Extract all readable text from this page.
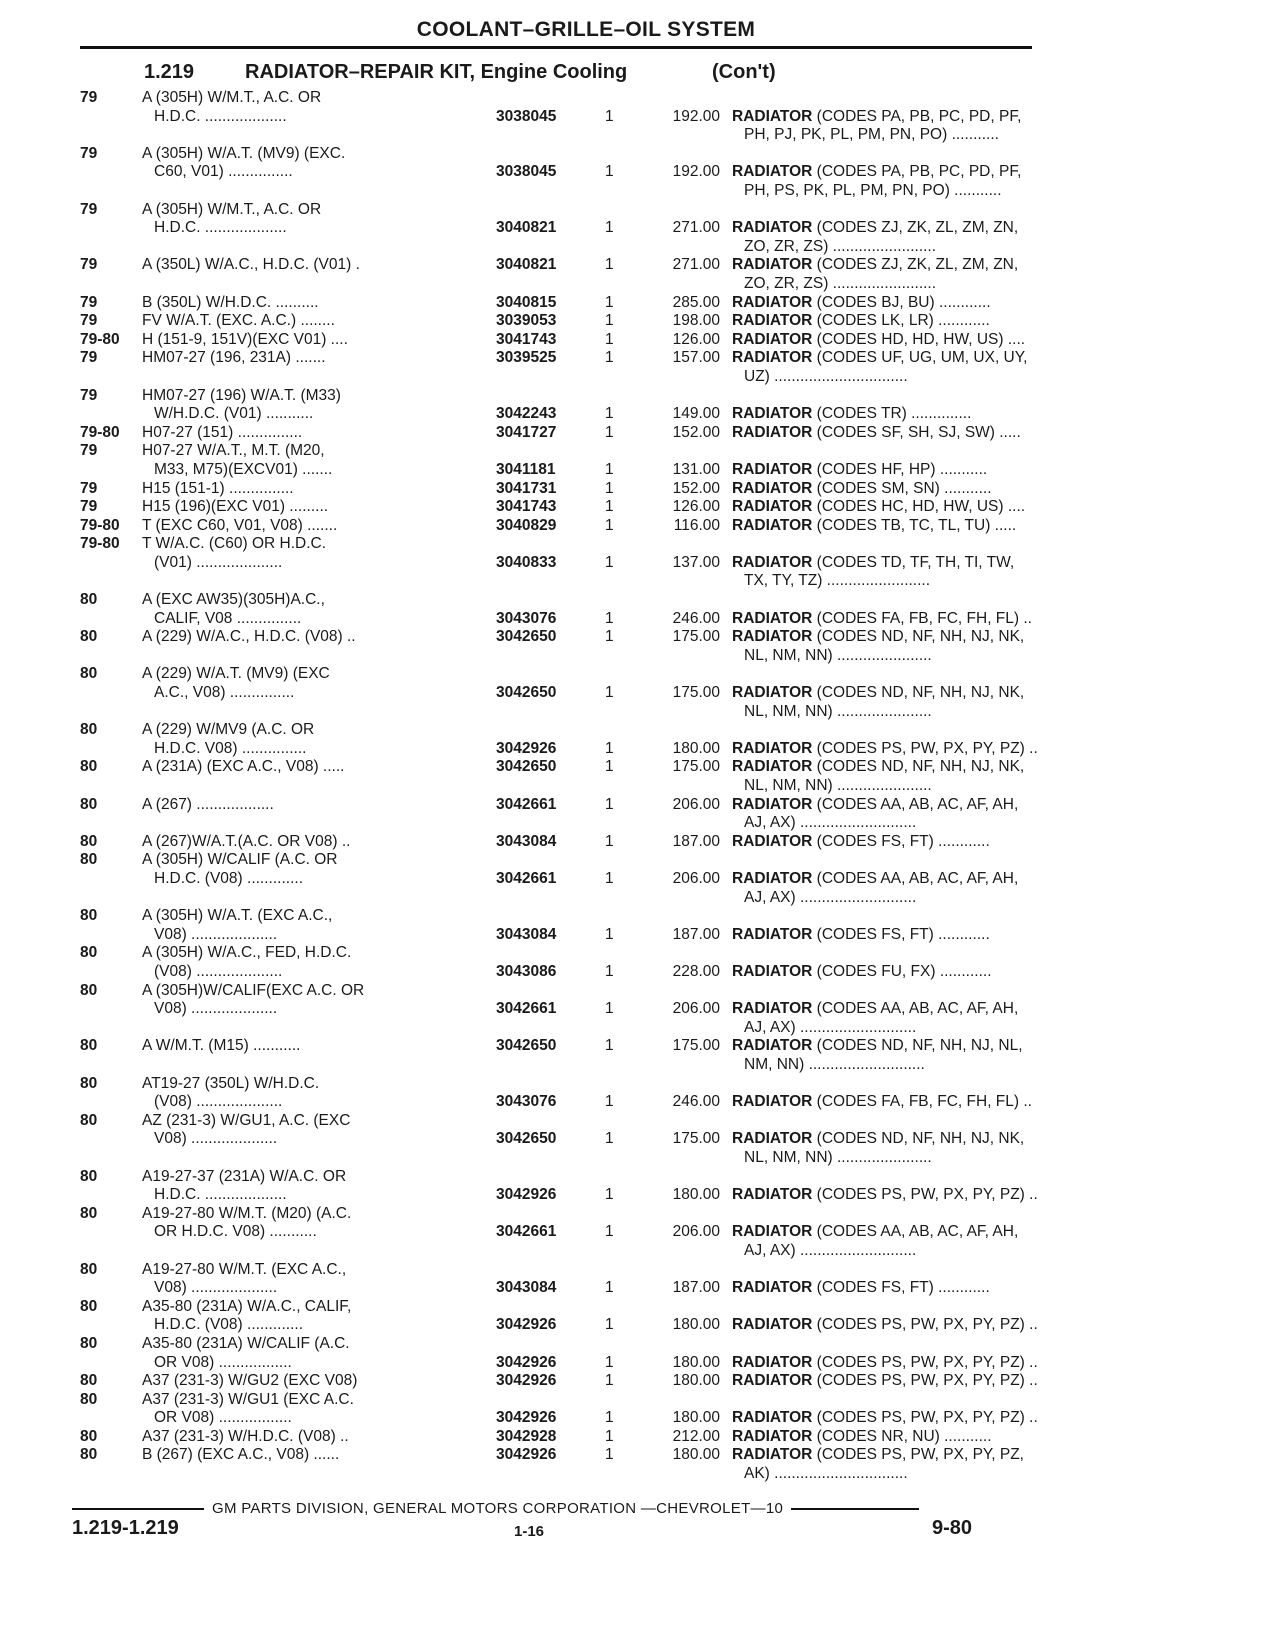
COOLANT–GRILLE–OIL SYSTEM
1.219	RADIATOR–REPAIR KIT, Engine Cooling	(Con't)
79	A (305H) W/M.T., A.C. OR
H.D.C. ...................	3038045	1	192.00 RADIATOR (CODES PA, PB, PC, PD, PF,
PH, PJ, PK, PL, PM, PN, PO) ...........
79	A (305H) W/A.T. (MV9) (EXC.
C60, V01) ...............	3038045	1	192.00 RADIATOR (CODES PA, PB, PC, PD, PF,
PH, PS, PK, PL, PM, PN, PO) ...........
79	A (305H) W/M.T., A.C. OR
H.D.C. ...................	3040821	1	271.00 RADIATOR (CODES ZJ, ZK, ZL, ZM, ZN,
ZO, ZR, ZS) ........................
79	A (350L) W/A.C., H.D.C. (V01) .	3040821	1	271.00 RADIATOR (CODES ZJ, ZK, ZL, ZM, ZN,
ZO, ZR, ZS) ........................
79	B (350L) W/H.D.C. ..........	3040815	1	285.00 RADIATOR (CODES BJ, BU) ............
79	FV W/A.T. (EXC. A.C.) ........	3039053	1	198.00 RADIATOR (CODES LK, LR) ............
79-80	H (151-9, 151V)(EXC V01) ....	3041743	1	126.00 RADIATOR (CODES HD, HD, HW, US) ....
79	HM07-27 (196, 231A) .......	3039525	1	157.00 RADIATOR (CODES UF, UG, UM, UX, UY,
UZ) ...............................
79	HM07-27 (196) W/A.T. (M33)
W/H.D.C. (V01) ...........	3042243	1	149.00 RADIATOR (CODES TR) ..............
79-80	H07-27 (151) ...............	3041727	1	152.00 RADIATOR (CODES SF, SH, SJ, SW) .....
79	H07-27 W/A.T., M.T. (M20,
M33, M75)(EXCV01) .......	3041181	1	131.00 RADIATOR (CODES HF, HP) ...........
79	H15 (151-1) ...............	3041731	1	152.00 RADIATOR (CODES SM, SN) ...........
79	H15 (196)(EXC V01) .........	3041743	1	126.00 RADIATOR (CODES HC, HD, HW, US) ....
79-80	T (EXC C60, V01, V08) .......	3040829	1	116.00 RADIATOR (CODES TB, TC, TL, TU) .....
79-80	T W/A.C. (C60) OR H.D.C.
(V01) ....................	3040833	1	137.00 RADIATOR (CODES TD, TF, TH, TI, TW,
TX, TY, TZ) ........................
80	A (EXC AW35)(305H)A.C.,
CALIF, V08 ...............	3043076	1	246.00 RADIATOR (CODES FA, FB, FC, FH, FL) ..
80	A (229) W/A.C., H.D.C. (V08) ..	3042650	1	175.00 RADIATOR (CODES ND, NF, NH, NJ, NK,
NL, NM, NN) ......................
80	A (229) W/A.T. (MV9) (EXC
A.C., V08) ...............	3042650	1	175.00 RADIATOR (CODES ND, NF, NH, NJ, NK,
NL, NM, NN) ......................
80	A (229) W/MV9 (A.C. OR
H.D.C. V08) ...............	3042926	1	180.00 RADIATOR (CODES PS, PW, PX, PY, PZ) ..
80	A (231A) (EXC A.C., V08) .....	3042650	1	175.00 RADIATOR (CODES ND, NF, NH, NJ, NK,
NL, NM, NN) ......................
80	A (267) ..................	3042661	1	206.00 RADIATOR (CODES AA, AB, AC, AF, AH,
AJ, AX) ...........................
80	A (267)W/A.T.(A.C. OR V08) ..	3043084	1	187.00 RADIATOR (CODES FS, FT) ............
80	A (305H) W/CALIF (A.C. OR
H.D.C. (V08) .............	3042661	1	206.00 RADIATOR (CODES AA, AB, AC, AF, AH,
AJ, AX) ...........................
80	A (305H) W/A.T. (EXC A.C.,
V08) ....................	3043084	1	187.00 RADIATOR (CODES FS, FT) ............
80	A (305H) W/A.C., FED, H.D.C.
(V08) ....................	3043086	1	228.00 RADIATOR (CODES FU, FX) ............
80	A (305H)W/CALIF(EXC A.C. OR
V08) ....................	3042661	1	206.00 RADIATOR (CODES AA, AB, AC, AF, AH,
AJ, AX) ...........................
80	A W/M.T. (M15) ...........	3042650	1	175.00 RADIATOR (CODES ND, NF, NH, NJ, NL,
NM, NN) ...........................
80	AT19-27 (350L) W/H.D.C.
(V08) ....................	3043076	1	246.00 RADIATOR (CODES FA, FB, FC, FH, FL) ..
80	AZ (231-3) W/GU1, A.C. (EXC
V08) ....................	3042650	1	175.00 RADIATOR (CODES ND, NF, NH, NJ, NK,
NL, NM, NN) ......................
80	A19-27-37 (231A) W/A.C. OR
H.D.C. ...................	3042926	1	180.00 RADIATOR (CODES PS, PW, PX, PY, PZ) ..
80	A19-27-80 W/M.T. (M20) (A.C.
OR H.D.C. V08) ...........	3042661	1	206.00 RADIATOR (CODES AA, AB, AC, AF, AH,
AJ, AX) ...........................
80	A19-27-80 W/M.T. (EXC A.C.,
V08) ....................	3043084	1	187.00 RADIATOR (CODES FS, FT) ............
80	A35-80 (231A) W/A.C., CALIF,
H.D.C. (V08) .............	3042926	1	180.00 RADIATOR (CODES PS, PW, PX, PY, PZ) ..
80	A35-80 (231A) W/CALIF (A.C.
OR V08) .................	3042926	1	180.00 RADIATOR (CODES PS, PW, PX, PY, PZ) ..
80	A37 (231-3) W/GU2 (EXC V08)	3042926	1	180.00 RADIATOR (CODES PS, PW, PX, PY, PZ) ..
80	A37 (231-3) W/GU1 (EXC A.C.
OR V08) .................	3042926	1	180.00 RADIATOR (CODES PS, PW, PX, PY, PZ) ..
80	A37 (231-3) W/H.D.C. (V08) ..	3042928	1	212.00 RADIATOR (CODES NR, NU) ...........
80	B (267) (EXC A.C., V08) ......	3042926	1	180.00 RADIATOR (CODES PS, PW, PX, PY, PZ,
AK) ...............................
GM PARTS DIVISION, GENERAL MOTORS CORPORATION —CHEVROLET—10
1.219-1.219	1-16	9-80
